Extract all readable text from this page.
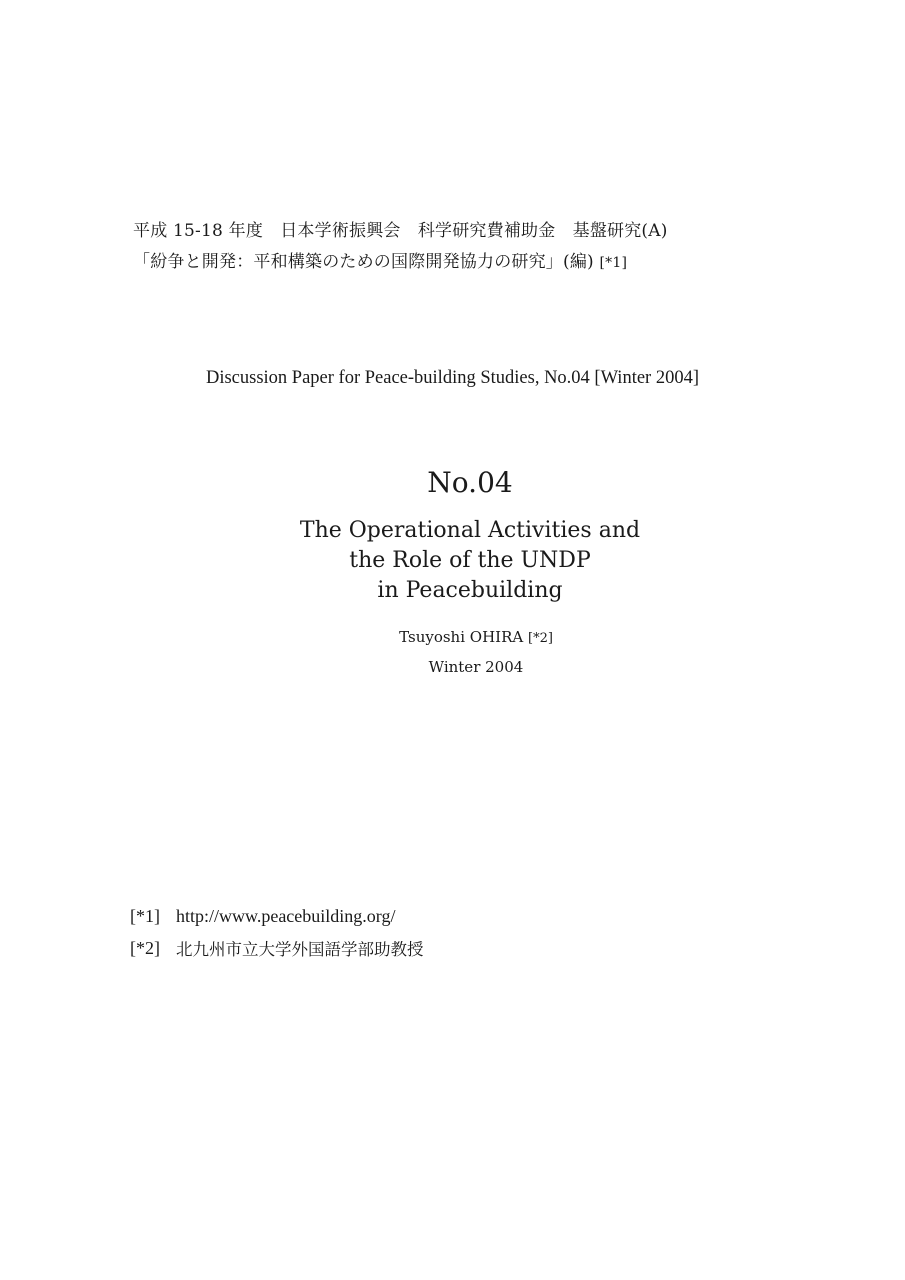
平成 15-18 年度　日本学術振興会　科学研究費補助金　基盤研究(A)
「紛争と開発：平和構築のための国際開発協力の研究」(編) [*1]
Discussion Paper for Peace-building Studies, No.04 [Winter 2004]
No.04
The Operational Activities and
the Role of the UNDP
in Peacebuilding
Tsuyoshi OHIRA [*2]
Winter 2004
[*1] http://www.peacebuilding.org/
[*2] 北九州市立大学外国語学部助教授
